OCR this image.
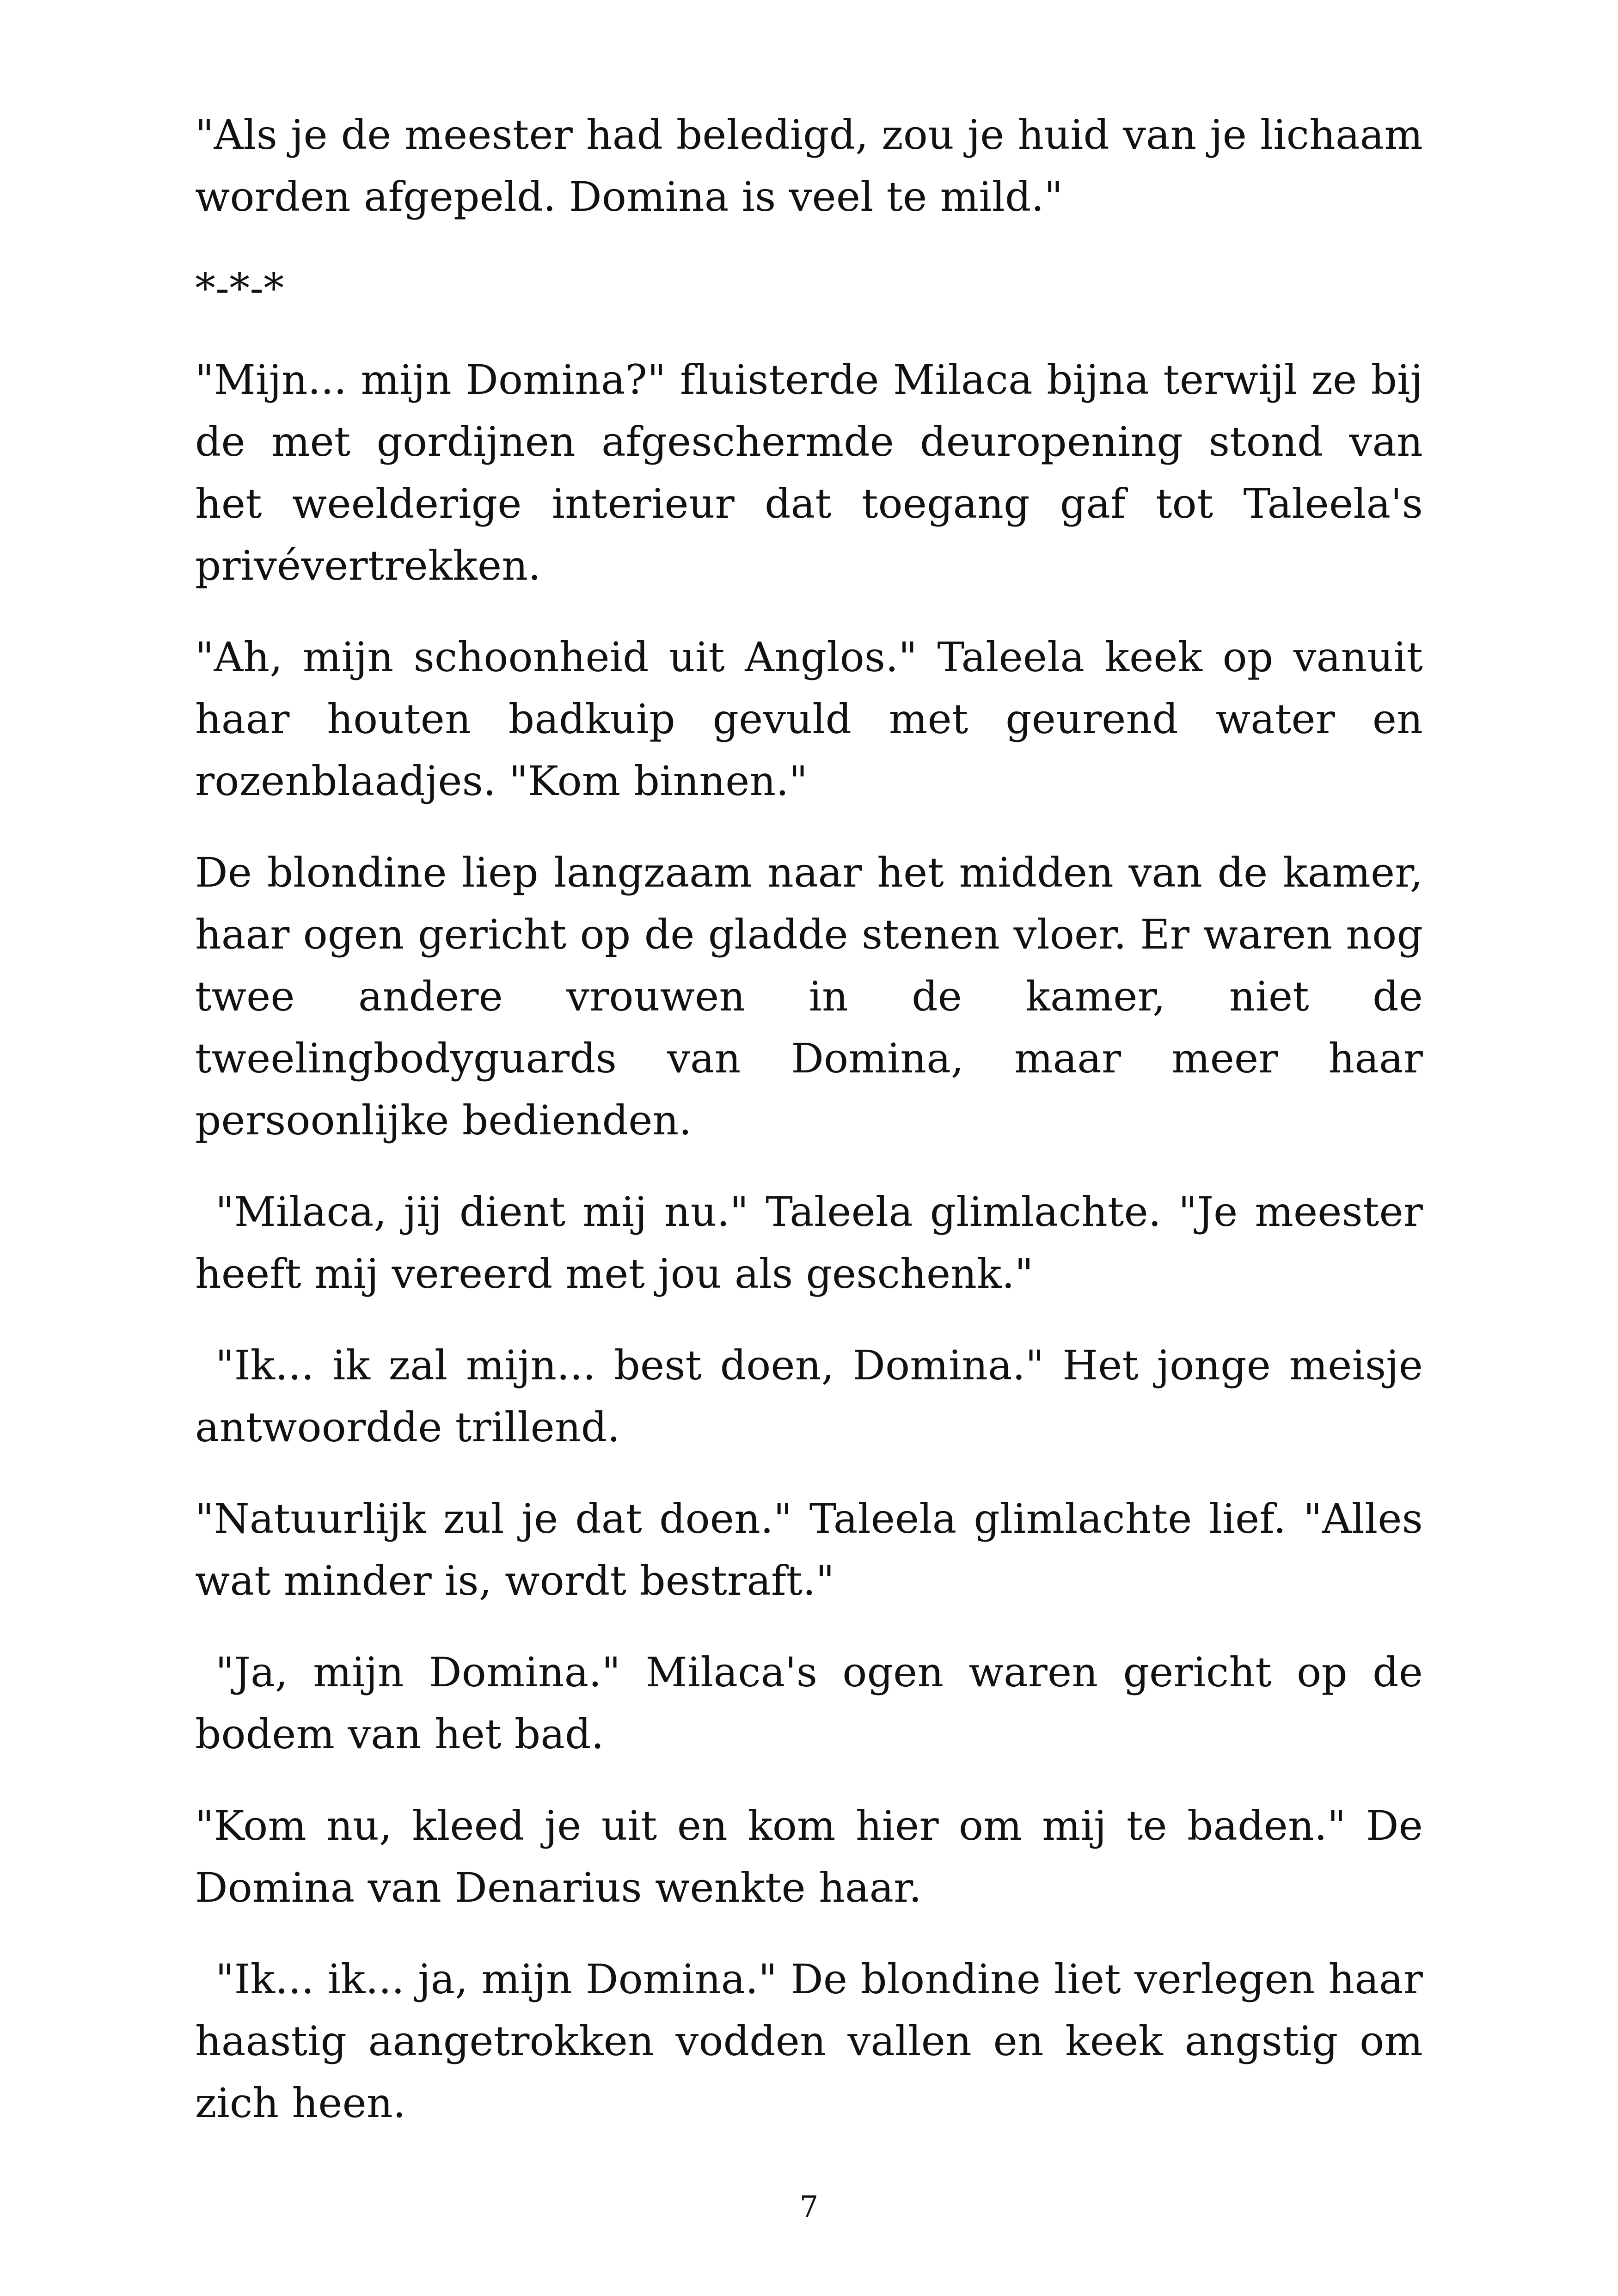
"Als je de meester had beledigd, zou je huid van je lichaam worden afgepeld. Domina is veel te mild."

*-*-*

"Mijn... mijn Domina?" fluisterde Milaca bijna terwijl ze bij de met gordijnen afgeschermde deuropening stond van het weelderige interieur dat toegang gaf tot Taleela's privévertrekken.

"Ah, mijn schoonheid uit Anglos." Taleela keek op vanuit haar houten badkuip gevuld met geurend water en rozenblaadjes. "Kom binnen."

De blondine liep langzaam naar het midden van de kamer, haar ogen gericht op de gladde stenen vloer. Er waren nog twee andere vrouwen in de kamer, niet de tweelingbodyguards van Domina, maar meer haar persoonlijke bedienden.

"Milaca, jij dient mij nu." Taleela glimlachte. "Je meester heeft mij vereerd met jou als geschenk."

"Ik... ik zal mijn... best doen, Domina." Het jonge meisje antwoordde trillend.

"Natuurlijk zul je dat doen." Taleela glimlachte lief. "Alles wat minder is, wordt bestraft."

"Ja, mijn Domina." Milaca's ogen waren gericht op de bodem van het bad.

"Kom nu, kleed je uit en kom hier om mij te baden." De Domina van Denarius wenkte haar.

"Ik... ik... ja, mijn Domina." De blondine liet verlegen haar haastig aangetrokken vodden vallen en keek angstig om zich heen.

7
